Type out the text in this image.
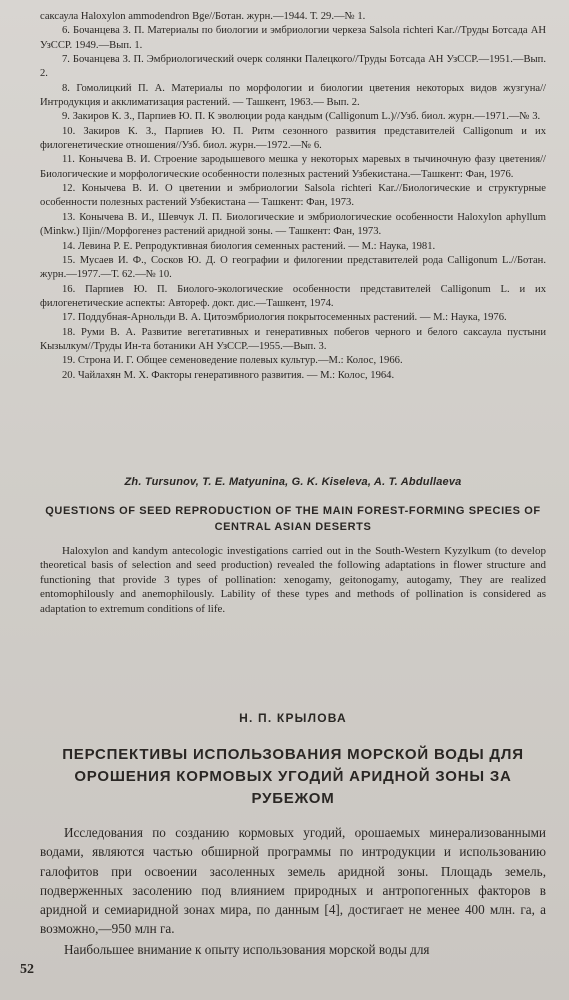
саксаула Haloxylon ammodendron Bge//Ботан. журн.—1944. Т. 29.—№ 1.

6. Бочанцева З. П. Материалы по биологии и эмбриологии черкеза Salsola richteri Kar.//Труды Ботсада АН УзССР. 1949.—Вып. 1.

7. Бочанцева З. П. Эмбриологический очерк солянки Палецкого//Труды Ботсада АН УзССР.—1951.—Вып. 2.

8. Гомолицкий П. А. Материалы по морфологии и биологии цветения некоторых видов жузгуна//Интродукция и акклиматизация растений. — Ташкент, 1963.— Вып. 2.

9. Закиров К. З., Парпиев Ю. П. К эволюции рода кандым (Calligonum L.)//Узб. биол. журн.—1971.—№ 3.

10. Закиров К. З., Парпиев Ю. П. Ритм сезонного развития представителей Calligonum и их филогенетические отношения//Узб. биол. журн.—1972.—№ 6.

11. Конычева В. И. Строение зародышевого мешка у некоторых маревых в тычиночную фазу цветения//Биологические и морфологические особенности полезных растений Узбекистана.—Ташкент: Фан, 1976.

12. Конычева В. И. О цветении и эмбриологии Salsola richteri Kar.//Биологические и структурные особенности полезных растений Узбекистана — Ташкент: Фан, 1973.

13. Конычева В. И., Шевчук Л. П. Биологические и эмбриологические особенности Haloxylon aphyllum (Minkw.) Iljin//Морфогенез растений аридной зоны. — Ташкент: Фан, 1973.

14. Левина Р. Е. Репродуктивная биология семенных растений. — М.: Наука, 1981.

15. Мусаев И. Ф., Сосков Ю. Д. О географии и филогении представителей рода Calligonum L.//Ботан. журн.—1977.—Т. 62.—№ 10.

16. Парпиев Ю. П. Биолого-экологические особенности представителей Calligonum L. и их филогенетические аспекты: Автореф. докт. дис.—Ташкент, 1974.

17. Поддубная-Арнольди В. А. Цитоэмбриология покрытосеменных растений. — М.: Наука, 1976.

18. Руми В. А. Развитие вегетативных и генеративных побегов черного и белого саксаула пустыни Кызылкум//Труды Ин-та ботаники АН УзССР.—1955.—Вып. 3.

19. Строна И. Г. Общее семеноведение полевых культур.—М.: Колос, 1966.

20. Чайлахян М. Х. Факторы генеративного развития. — М.: Колос, 1964.

Zh. Tursunov, T. E. Matyunina, G. K. Kiseleva, A. T. Abdullaeva
QUESTIONS OF SEED REPRODUCTION OF THE MAIN FOREST-FORMING SPECIES OF CENTRAL ASIAN DESERTS

Haloxylon and kandym antecologic investigations carried out in the South-Western Kyzylkum (to develop theoretical basis of selection and seed production) revealed the following adaptations in flower structure and functioning that provide 3 types of pollination: xenogamy, geitonogamy, autogamy, They are realized entomophilously and anemophilously. Lability of these types and methods of pollination is considered as adaptation to extremum conditions of life.

Н. П. КРЫЛОВА
ПЕРСПЕКТИВЫ ИСПОЛЬЗОВАНИЯ МОРСКОЙ ВОДЫ ДЛЯ ОРОШЕНИЯ КОРМОВЫХ УГОДИЙ АРИДНОЙ ЗОНЫ ЗА РУБЕЖОМ

Исследования по созданию кормовых угодий, орошаемых минерализованными водами, являются частью обширной программы по интродукции и использованию галофитов при освоении засоленных земель аридной зоны. Площадь земель, подверженных засолению под влиянием природных и антропогенных факторов в аридной и семиаридной зонах мира, по данным [4], достигает не менее 400 млн. га, а возможно,—950 млн га.

Наибольшее внимание к опыту использования морской воды для

52
